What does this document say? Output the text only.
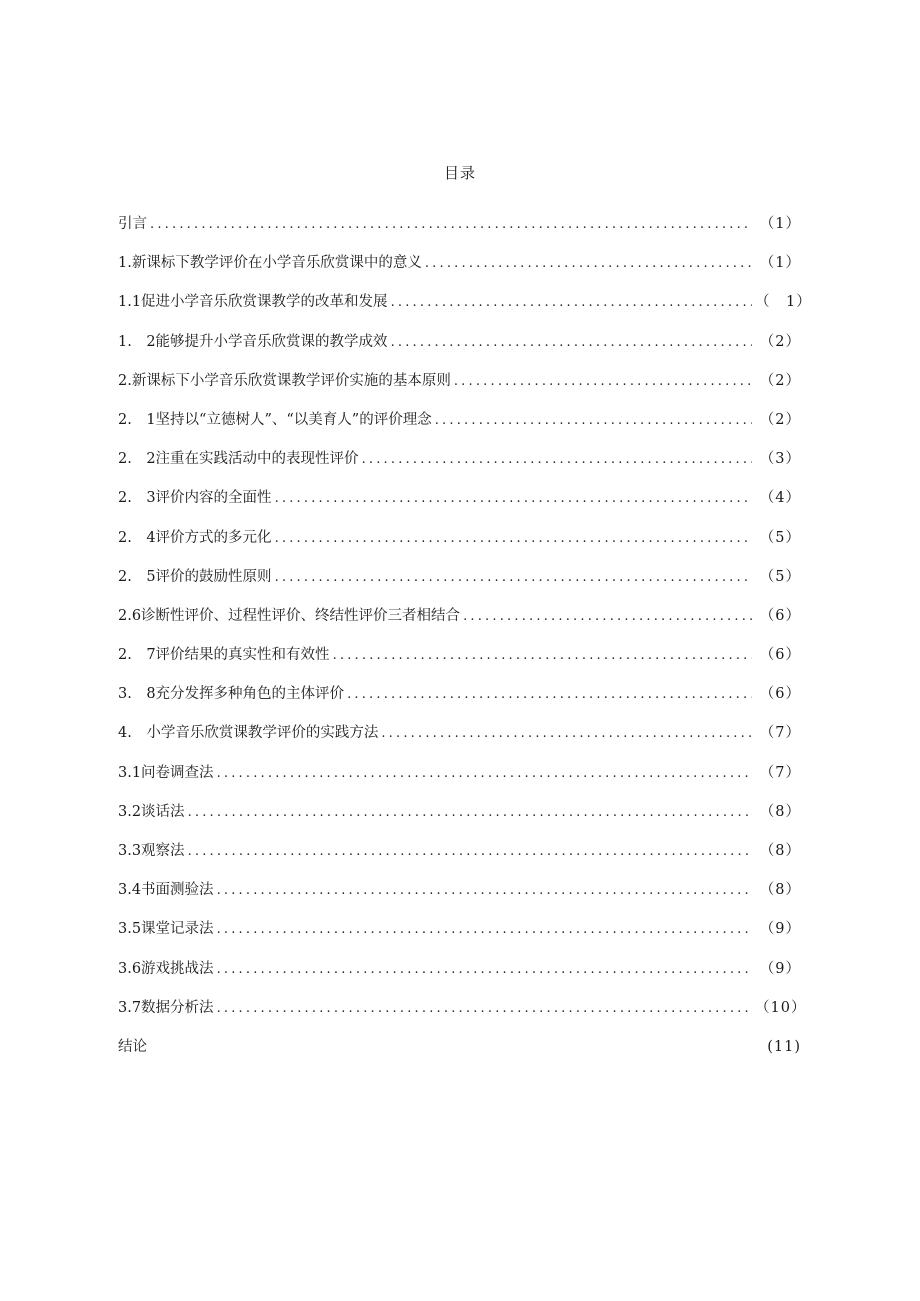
目录
引言 .....	（1）
1.新课标下教学评价在小学音乐欣赏课中的意义 .....	（1）
1.1促进小学音乐欣赏课教学的改革和发展 .....	（　1）
1.　2能够提升小学音乐欣赏课的教学成效 .....	（2）
2.新课标下小学音乐欣赏课教学评价实施的基本原则 .....	（2）
2.　1坚持以“立德树人”、“以美育人”的评价理念 .....	（2）
2.　2注重在实践活动中的表现性评价 .....	（3）
2.　3评价内容的全面性 .....	（4）
2.　4评价方式的多元化 .....	（5）
2.　5评价的鼓励性原则 .....	（5）
2.6诊断性评价、过程性评价、终结性评价三者相结合 .....	（6）
2.　7评价结果的真实性和有效性 .....	（6）
3.　8充分发挥多种角色的主体评价 .....	（6）
4.　小学音乐欣赏课教学评价的实践方法 .....	（7）
3.1问卷调查法 .....	（7）
3.2谈话法 .....	（8）
3.3观察法 .....	（8）
3.4书面测验法 .....	（8）
3.5课堂记录法 .....	（9）
3.6游戏挑战法 .....	（9）
3.7数据分析法 .....	（10）
结论	(11)
